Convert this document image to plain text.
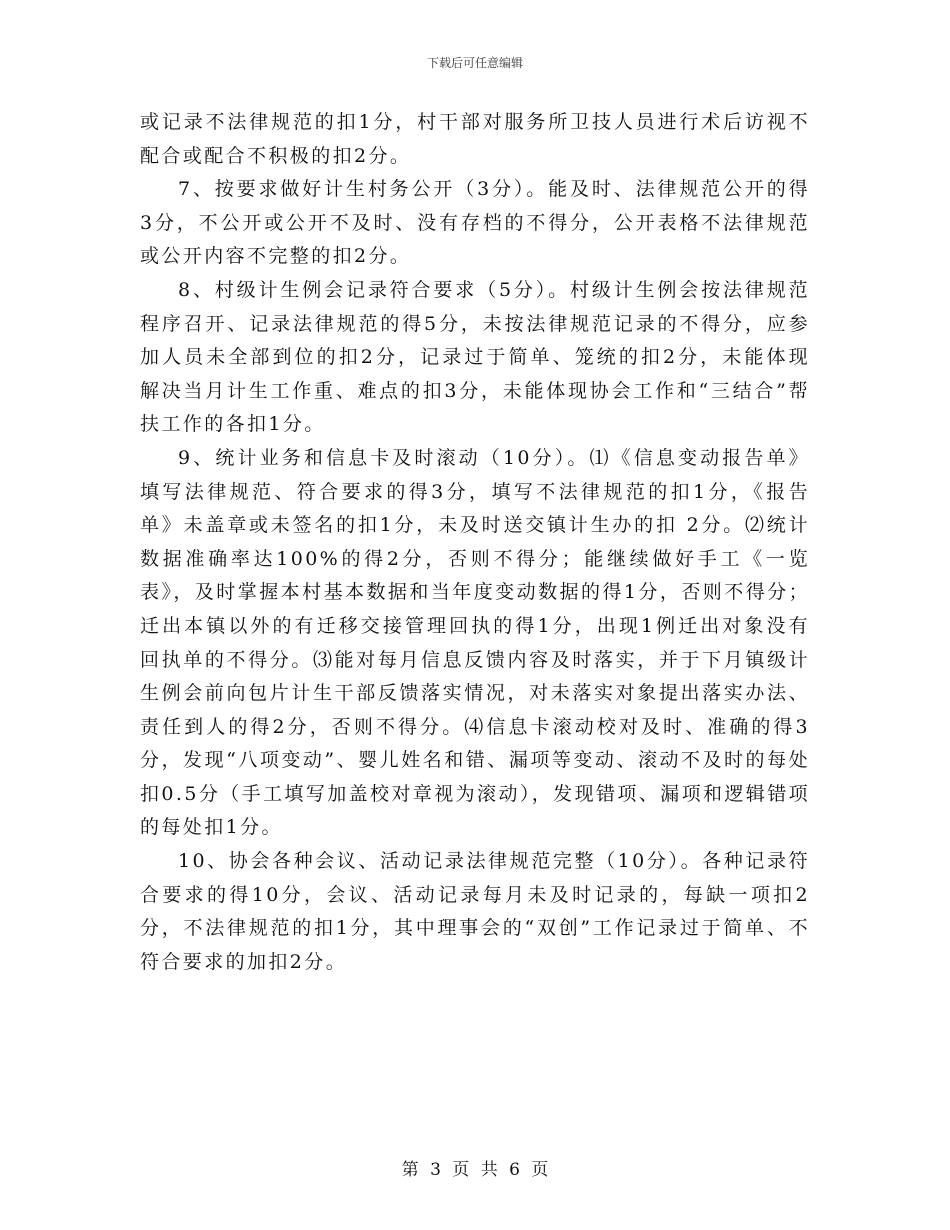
下载后可任意编辑

或记录不法律规范的扣1分，村干部对服务所卫技人员进行术后访视不配合或配合不积极的扣2分。

7、按要求做好计生村务公开（3分）。能及时、法律规范公开的得3分，不公开或公开不及时、没有存档的不得分，公开表格不法律规范或公开内容不完整的扣2分。

8、村级计生例会记录符合要求（5分）。村级计生例会按法律规范程序召开、记录法律规范的得5分，未按法律规范记录的不得分，应参加人员未全部到位的扣2分，记录过于简单、笼统的扣2分，未能体现解决当月计生工作重、难点的扣3分，未能体现协会工作和“三结合”帮扶工作的各扣1分。

9、统计业务和信息卡及时滚动（10分）。⑴《信息变动报告单》填写法律规范、符合要求的得3分，填写不法律规范的扣1分，《报告单》未盖章或未签名的扣1分，未及时送交镇计生办的扣 2分。⑵统计数据准确率达100%的得2分，否则不得分；能继续做好手工《一览表》，及时掌握本村基本数据和当年度变动数据的得1分，否则不得分；迁出本镇以外的有迁移交接管理回执的得1分，出现1例迁出对象没有回执单的不得分。⑶能对每月信息反馈内容及时落实，并于下月镇级计生例会前向包片计生干部反馈落实情况，对未落实对象提出落实办法、责任到人的得2分，否则不得分。⑷信息卡滚动校对及时、准确的得3分，发现“八项变动”、婴儿姓名和错、漏项等变动、滚动不及时的每处扣0.5分（手工填写加盖校对章视为滚动），发现错项、漏项和逻辑错项的每处扣1分。

10、协会各种会议、活动记录法律规范完整（10分）。各种记录符合要求的得10分，会议、活动记录每月未及时记录的，每缺一项扣2分，不法律规范的扣1分，其中理事会的“双创”工作记录过于简单、不符合要求的加扣2分。

第 3 页 共 6 页
